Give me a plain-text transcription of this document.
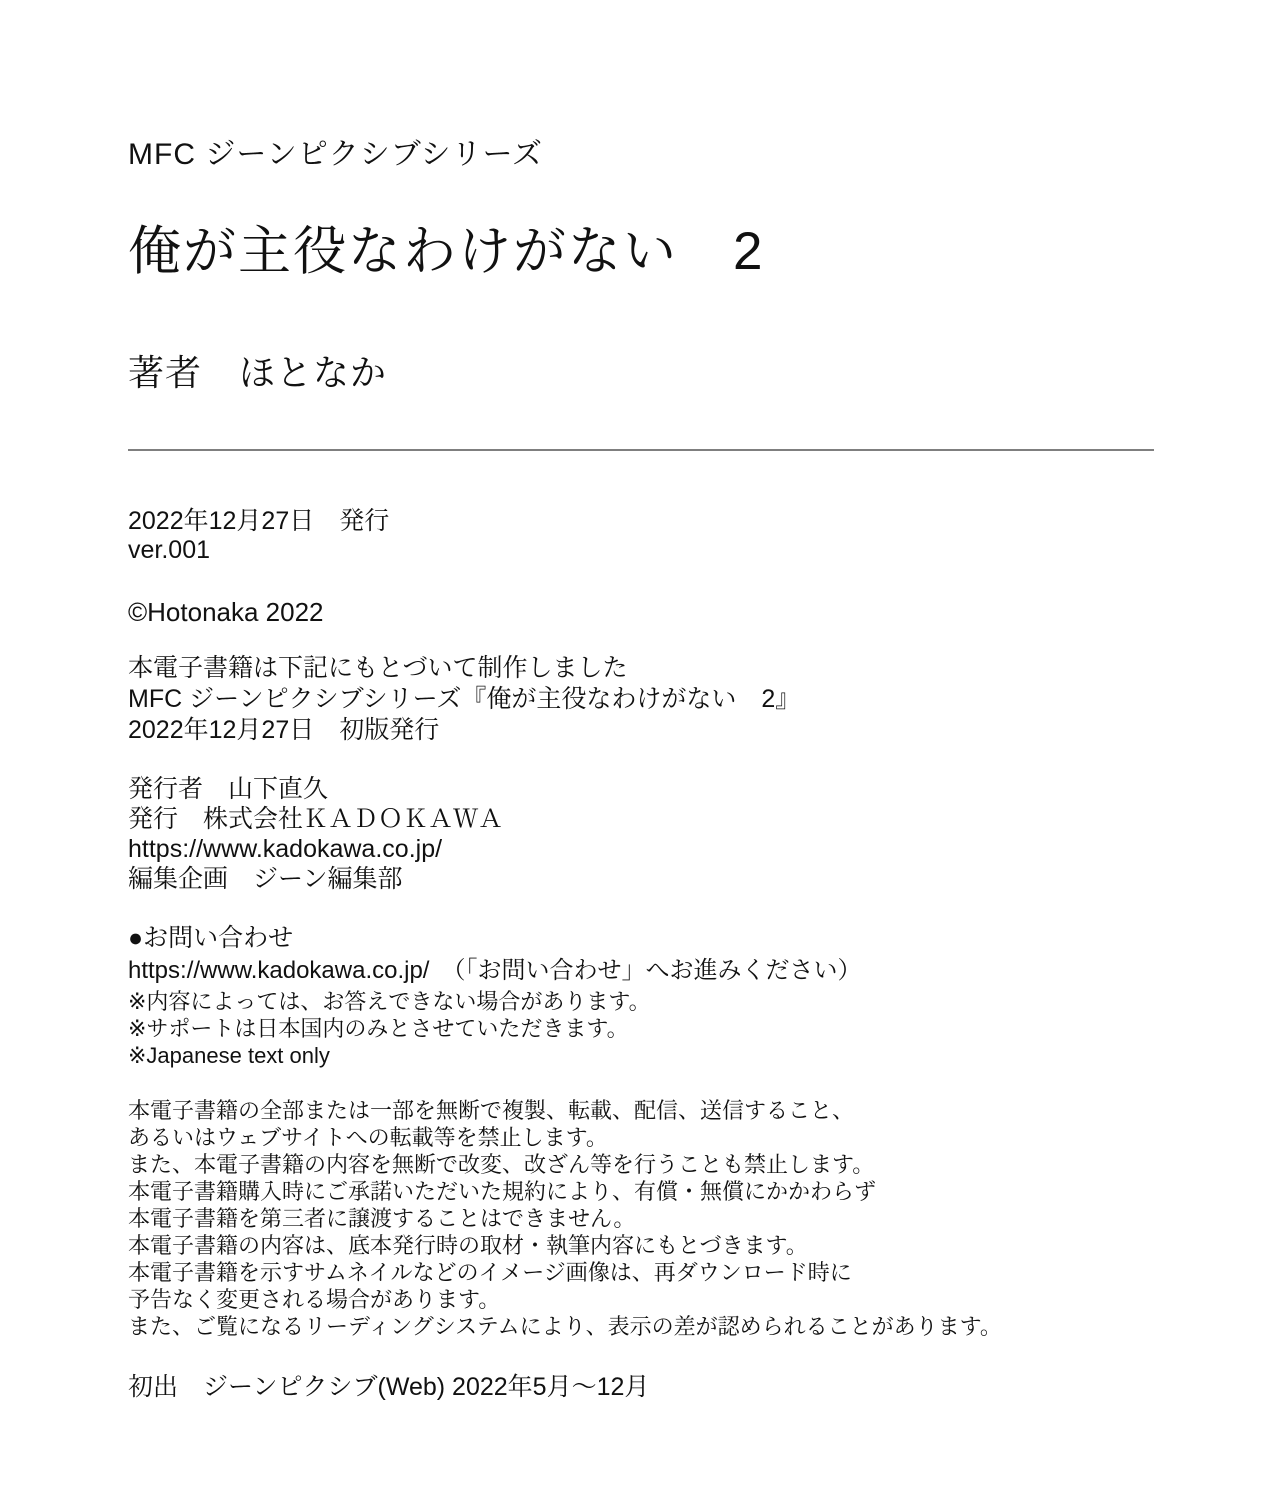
MFC ジーンピクシブシリーズ
俺が主役なわけがない　2
著者　ほとなか
2022年12月27日　発行
ver.001
©Hotonaka 2022
本電子書籍は下記にもとづいて制作しました
MFC ジーンピクシブシリーズ『俺が主役なわけがない　2』
2022年12月27日　初版発行
発行者　山下直久
発行　株式会社ＫＡＤＯＫＡＷＡ
https://www.kadokawa.co.jp/
編集企画　ジーン編集部
●お問い合わせ
https://www.kadokawa.co.jp/　（「お問い合わせ」へお進みください）
※内容によっては、お答えできない場合があります。
※サポートは日本国内のみとさせていただきます。
※Japanese text only
本電子書籍の全部または一部を無断で複製、転載、配信、送信すること、
あるいはウェブサイトへの転載等を禁止します。
また、本電子書籍の内容を無断で改変、改ざん等を行うことも禁止します。
本電子書籍購入時にご承諾いただいた規約により、有償・無償にかかわらず
本電子書籍を第三者に譲渡することはできません。
本電子書籍の内容は、底本発行時の取材・執筆内容にもとづきます。
本電子書籍を示すサムネイルなどのイメージ画像は、再ダウンロード時に
予告なく変更される場合があります。
また、ご覧になるリーディングシステムにより、表示の差が認められることがあります。
初出　ジーンピクシブ(Web) 2022年5月～12月
